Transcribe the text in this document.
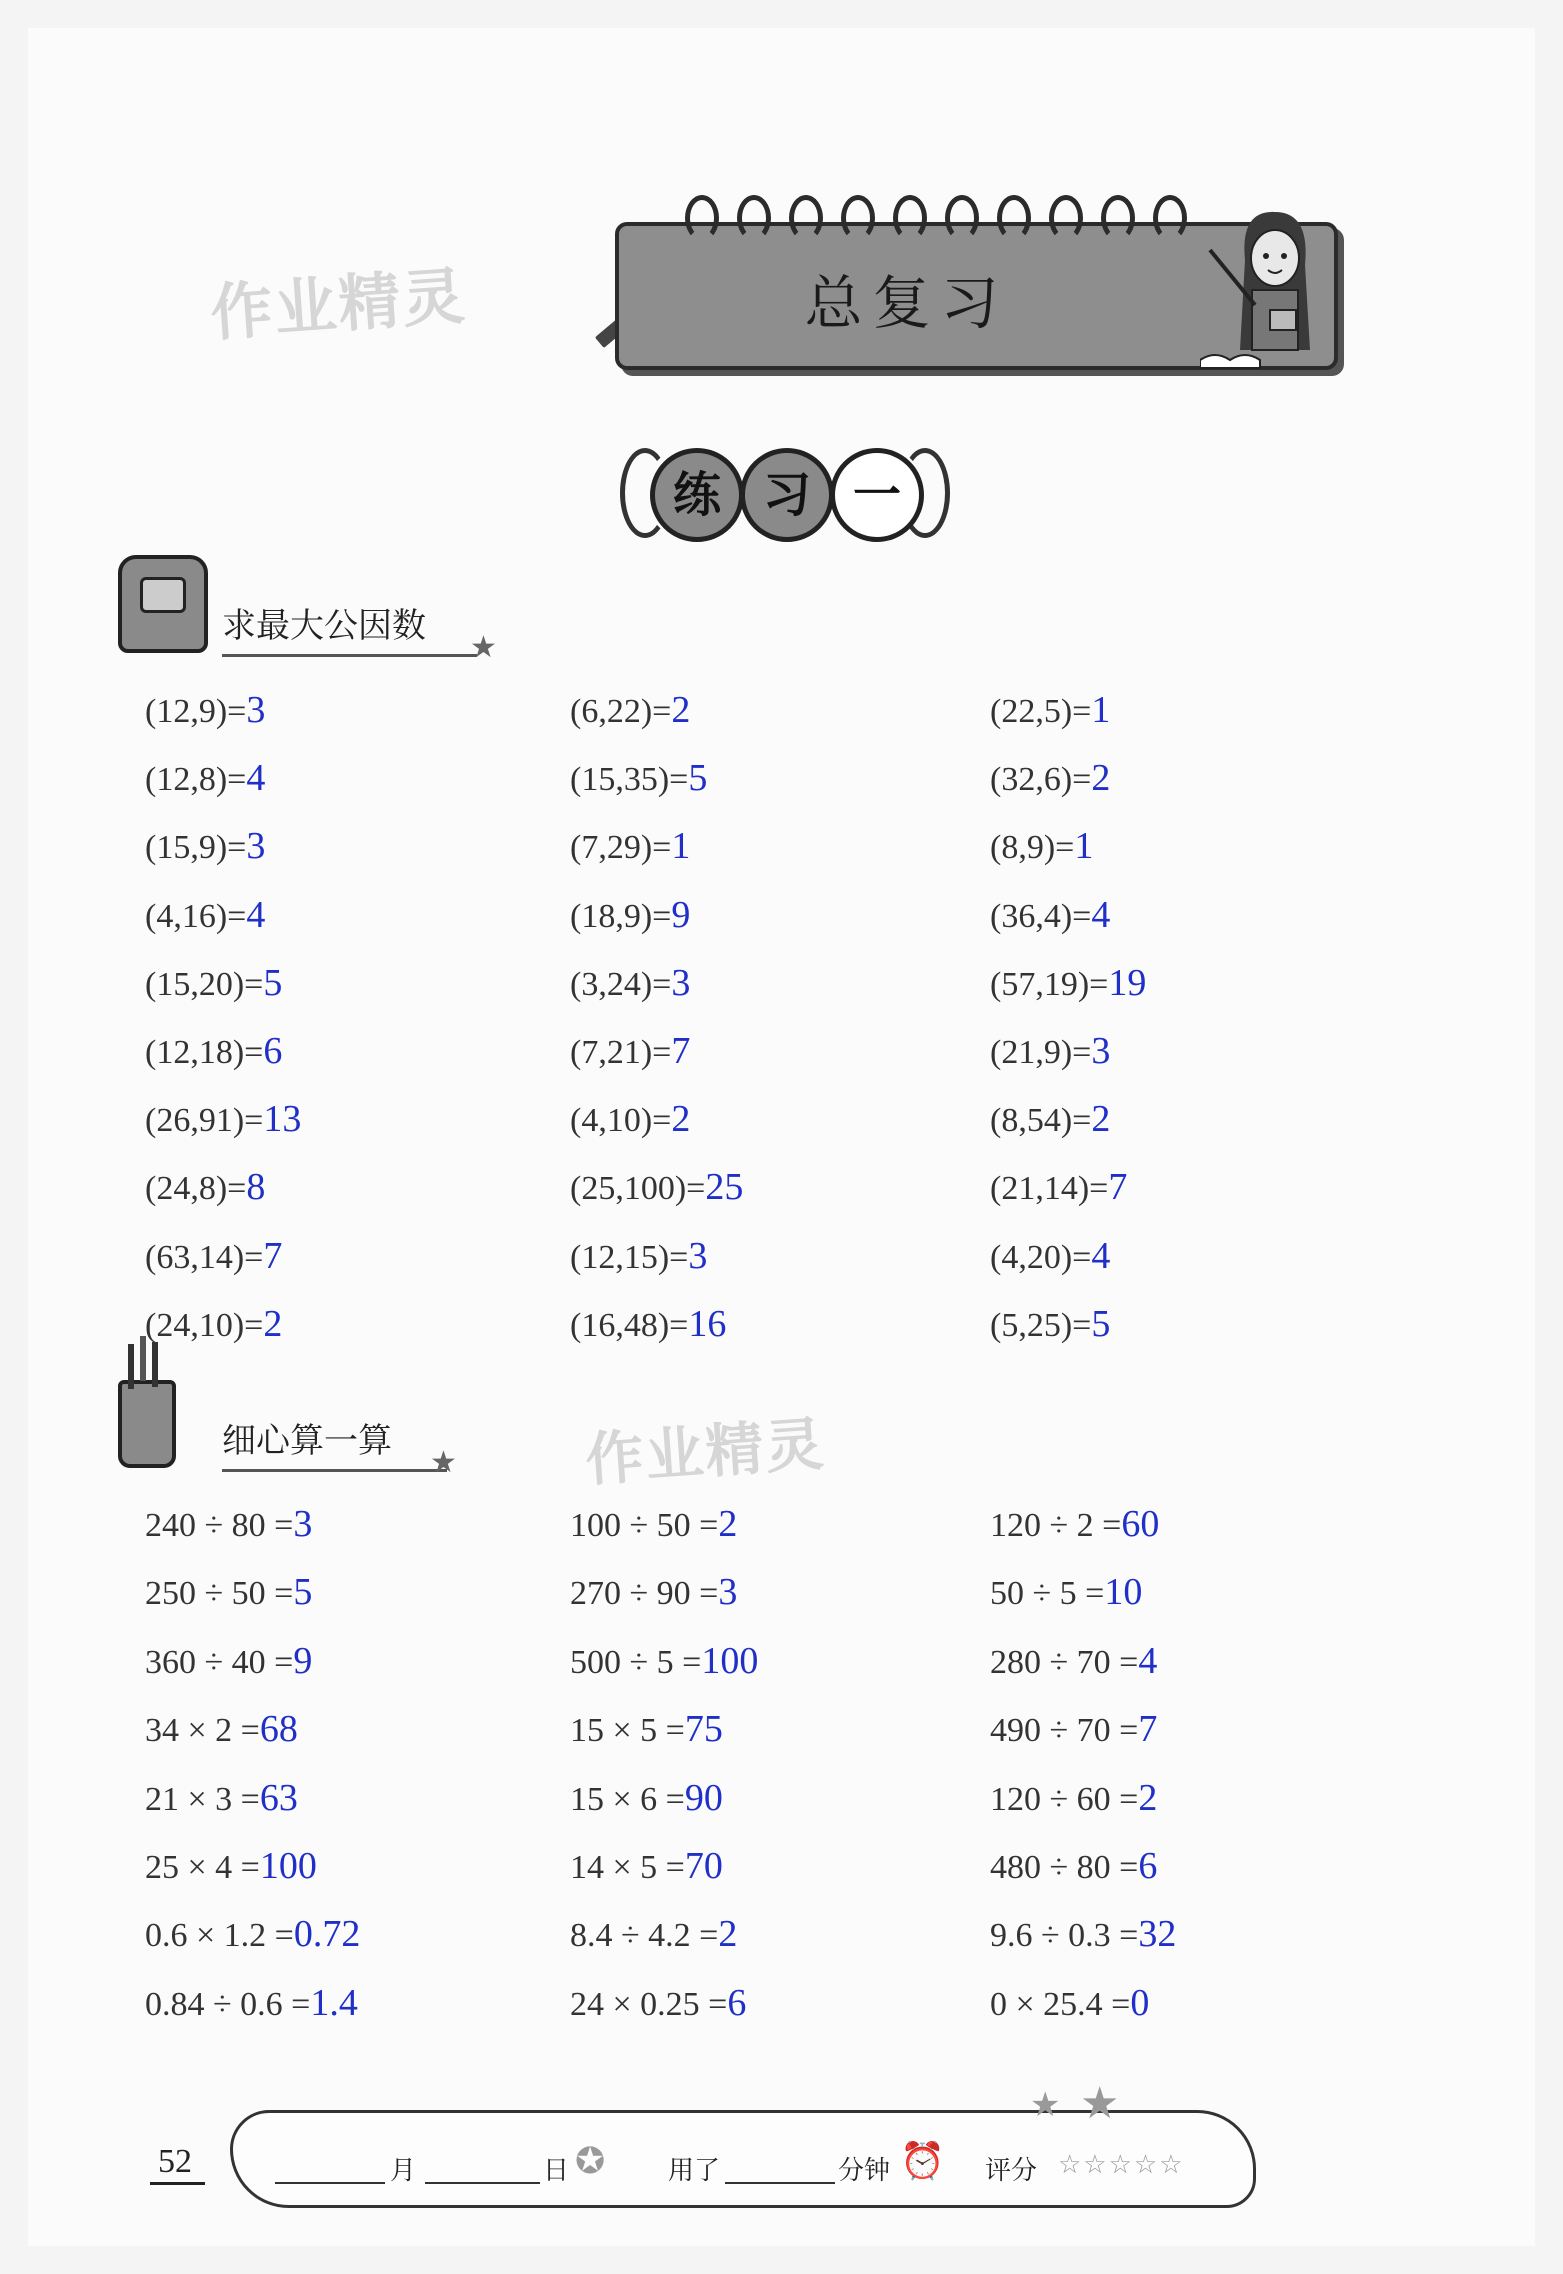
作业精灵
作业精灵
总复习
练 习 一
求最大公因数
★
(12,9)=3	(6,22)=2	(22,5)=1
(12,8)=4	(15,35)=5	(32,6)=2
(15,9)=3	(7,29)=1	(8,9)=1
(4,16)=4	(18,9)=9	(36,4)=4
(15,20)=5	(3,24)=3	(57,19)=19
(12,18)=6	(7,21)=7	(21,9)=3
(26,91)=13	(4,10)=2	(8,54)=2
(24,8)=8	(25,100)=25	(21,14)=7
(63,14)=7	(12,15)=3	(4,20)=4
(24,10)=2	(16,48)=16	(5,25)=5
细心算一算
★
240 ÷ 80 =3	100 ÷ 50 =2	120 ÷ 2 =60
250 ÷ 50 =5	270 ÷ 90 =3	50 ÷ 5 =10
360 ÷ 40 =9	500 ÷ 5 =100	280 ÷ 70 =4
34 × 2 =68	15 × 5 =75	490 ÷ 70 =7
21 × 3 =63	15 × 6 =90	120 ÷ 60 =2
25 × 4 =100	14 × 5 =70	480 ÷ 80 =6
0.6 × 1.2 =0.72	8.4 ÷ 4.2 =2	9.6 ÷ 0.3 =32
0.84 ÷ 0.6 =1.4	24 × 0.25 =6	0 × 25.4 =0
52	月	日 ✪ 用了	分钟 ⏰ 评分 ☆☆☆☆☆
★ ★
